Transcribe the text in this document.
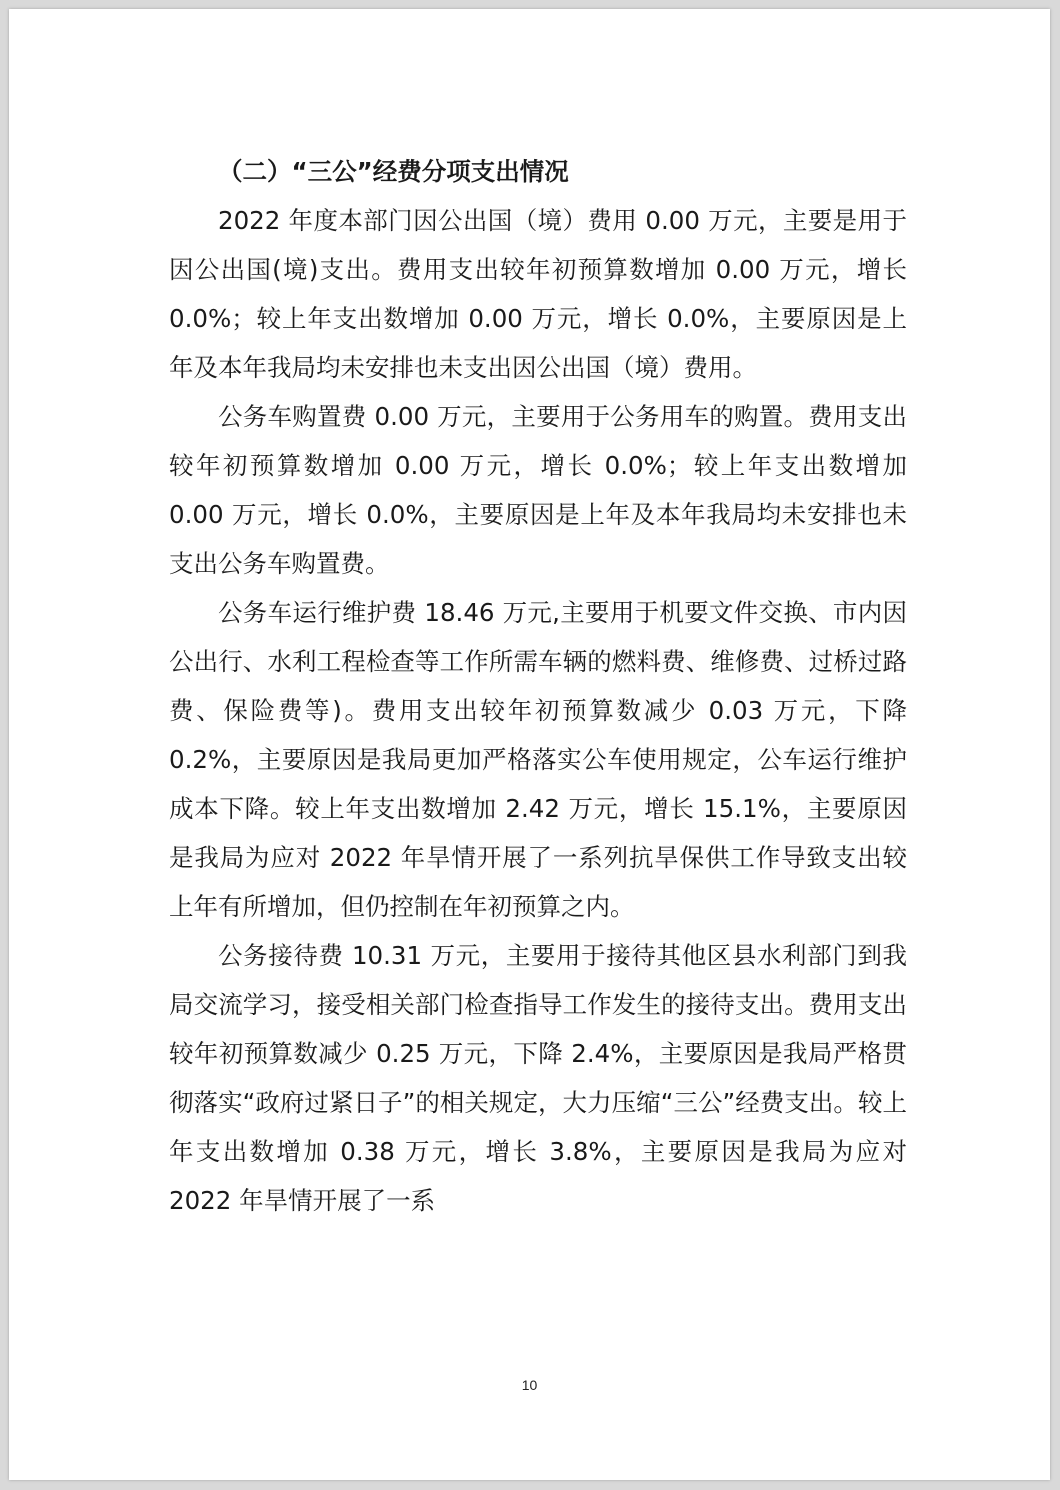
（二）“三公”经费分项支出情况

2022 年度本部门因公出国（境）费用 0.00 万元，主要是用于因公出国(境)支出。费用支出较年初预算数增加 0.00 万元，增长 0.0%；较上年支出数增加 0.00 万元，增长 0.0%，主要原因是上年及本年我局均未安排也未支出因公出国（境）费用。

公务车购置费 0.00 万元，主要用于公务用车的购置。费用支出较年初预算数增加 0.00 万元，增长 0.0%；较上年支出数增加 0.00 万元，增长 0.0%，主要原因是上年及本年我局均未安排也未支出公务车购置费。

公务车运行维护费 18.46 万元,主要用于机要文件交换、市内因公出行、水利工程检查等工作所需车辆的燃料费、维修费、过桥过路费、保险费等)。费用支出较年初预算数减少 0.03 万元，下降 0.2%，主要原因是我局更加严格落实公车使用规定，公车运行维护成本下降。较上年支出数增加 2.42 万元，增长 15.1%，主要原因是我局为应对 2022 年旱情开展了一系列抗旱保供工作导致支出较上年有所增加，但仍控制在年初预算之内。

公务接待费 10.31 万元，主要用于接待其他区县水利部门到我局交流学习，接受相关部门检查指导工作发生的接待支出。费用支出较年初预算数减少 0.25 万元，下降 2.4%，主要原因是我局严格贯彻落实“政府过紧日子”的相关规定，大力压缩“三公”经费支出。较上年支出数增加 0.38 万元，增长 3.8%，主要原因是我局为应对 2022 年旱情开展了一系

10
